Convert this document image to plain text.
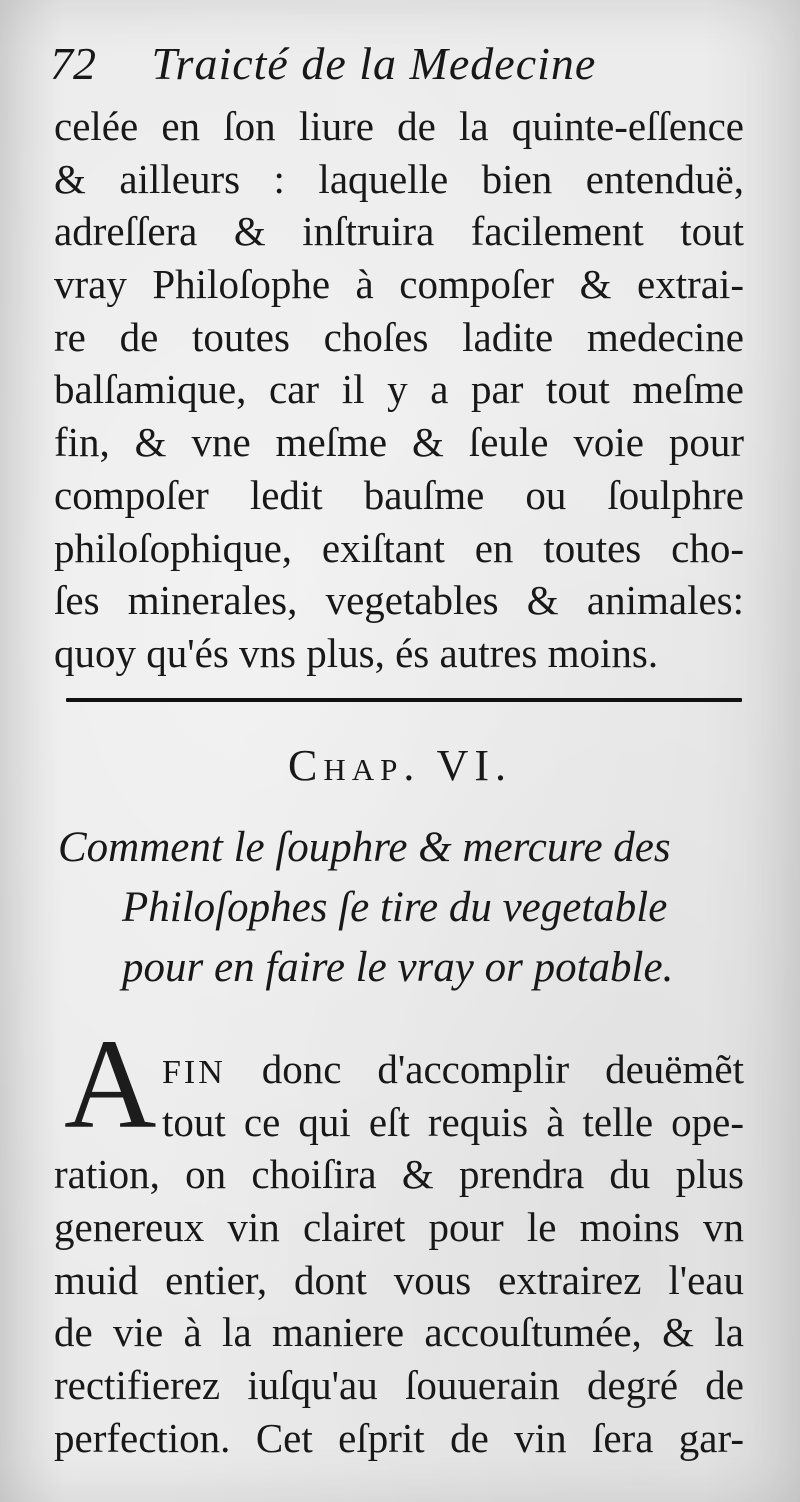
72 Traicté de la Medecine
celée en ſon liure de la quinte-eſſence
& ailleurs : laquelle bien entenduë,
adreſſera & inſtruira facilement tout
vray Philoſophe à compoſer & extrai-
re de toutes choſes ladite medecine
balſamique, car il y a par tout meſme
fin, & vne meſme & ſeule voie pour
compoſer ledit bauſme ou ſoulphre
philoſophique, exiſtant en toutes cho-
ſes minerales, vegetables & animales:
quoy qu'és vns plus, és autres moins.
Chap. VI.
Comment le ſouphre & mercure des
Philoſophes ſe tire du vegetable
pour en faire le vray or potable.
A FIN donc d'accomplir deuëmẽt
tout ce qui eſt requis à telle ope-
ration, on choiſira & prendra du plus
genereux vin clairet pour le moins vn
muid entier, dont vous extrairez l'eau
de vie à la maniere accouſtumée, & la
rectifierez iuſqu'au ſouuerain degré de
perfection. Cet eſprit de vin ſera gar-
